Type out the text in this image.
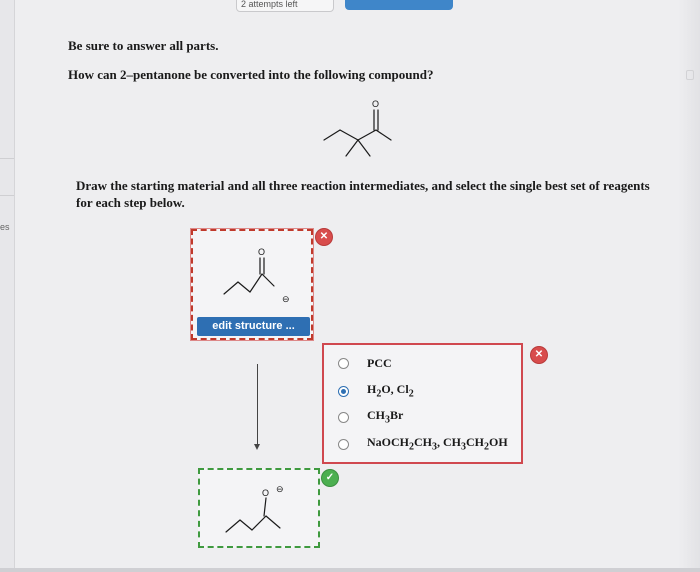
2 attempts left
es

Be sure to answer all parts.

How can 2–pentanone be converted into the following compound?

O

Draw the starting material and all three reaction intermediates, and select the single best set of reagents for each step below.

O
⊖
edit structure ...
✕
PCC
$H_2O$, $Cl_2$
$CH_3Br$
$NaOCH_2CH_3$, $CH_3CH_2OH$
✕
O ⊖
✓
